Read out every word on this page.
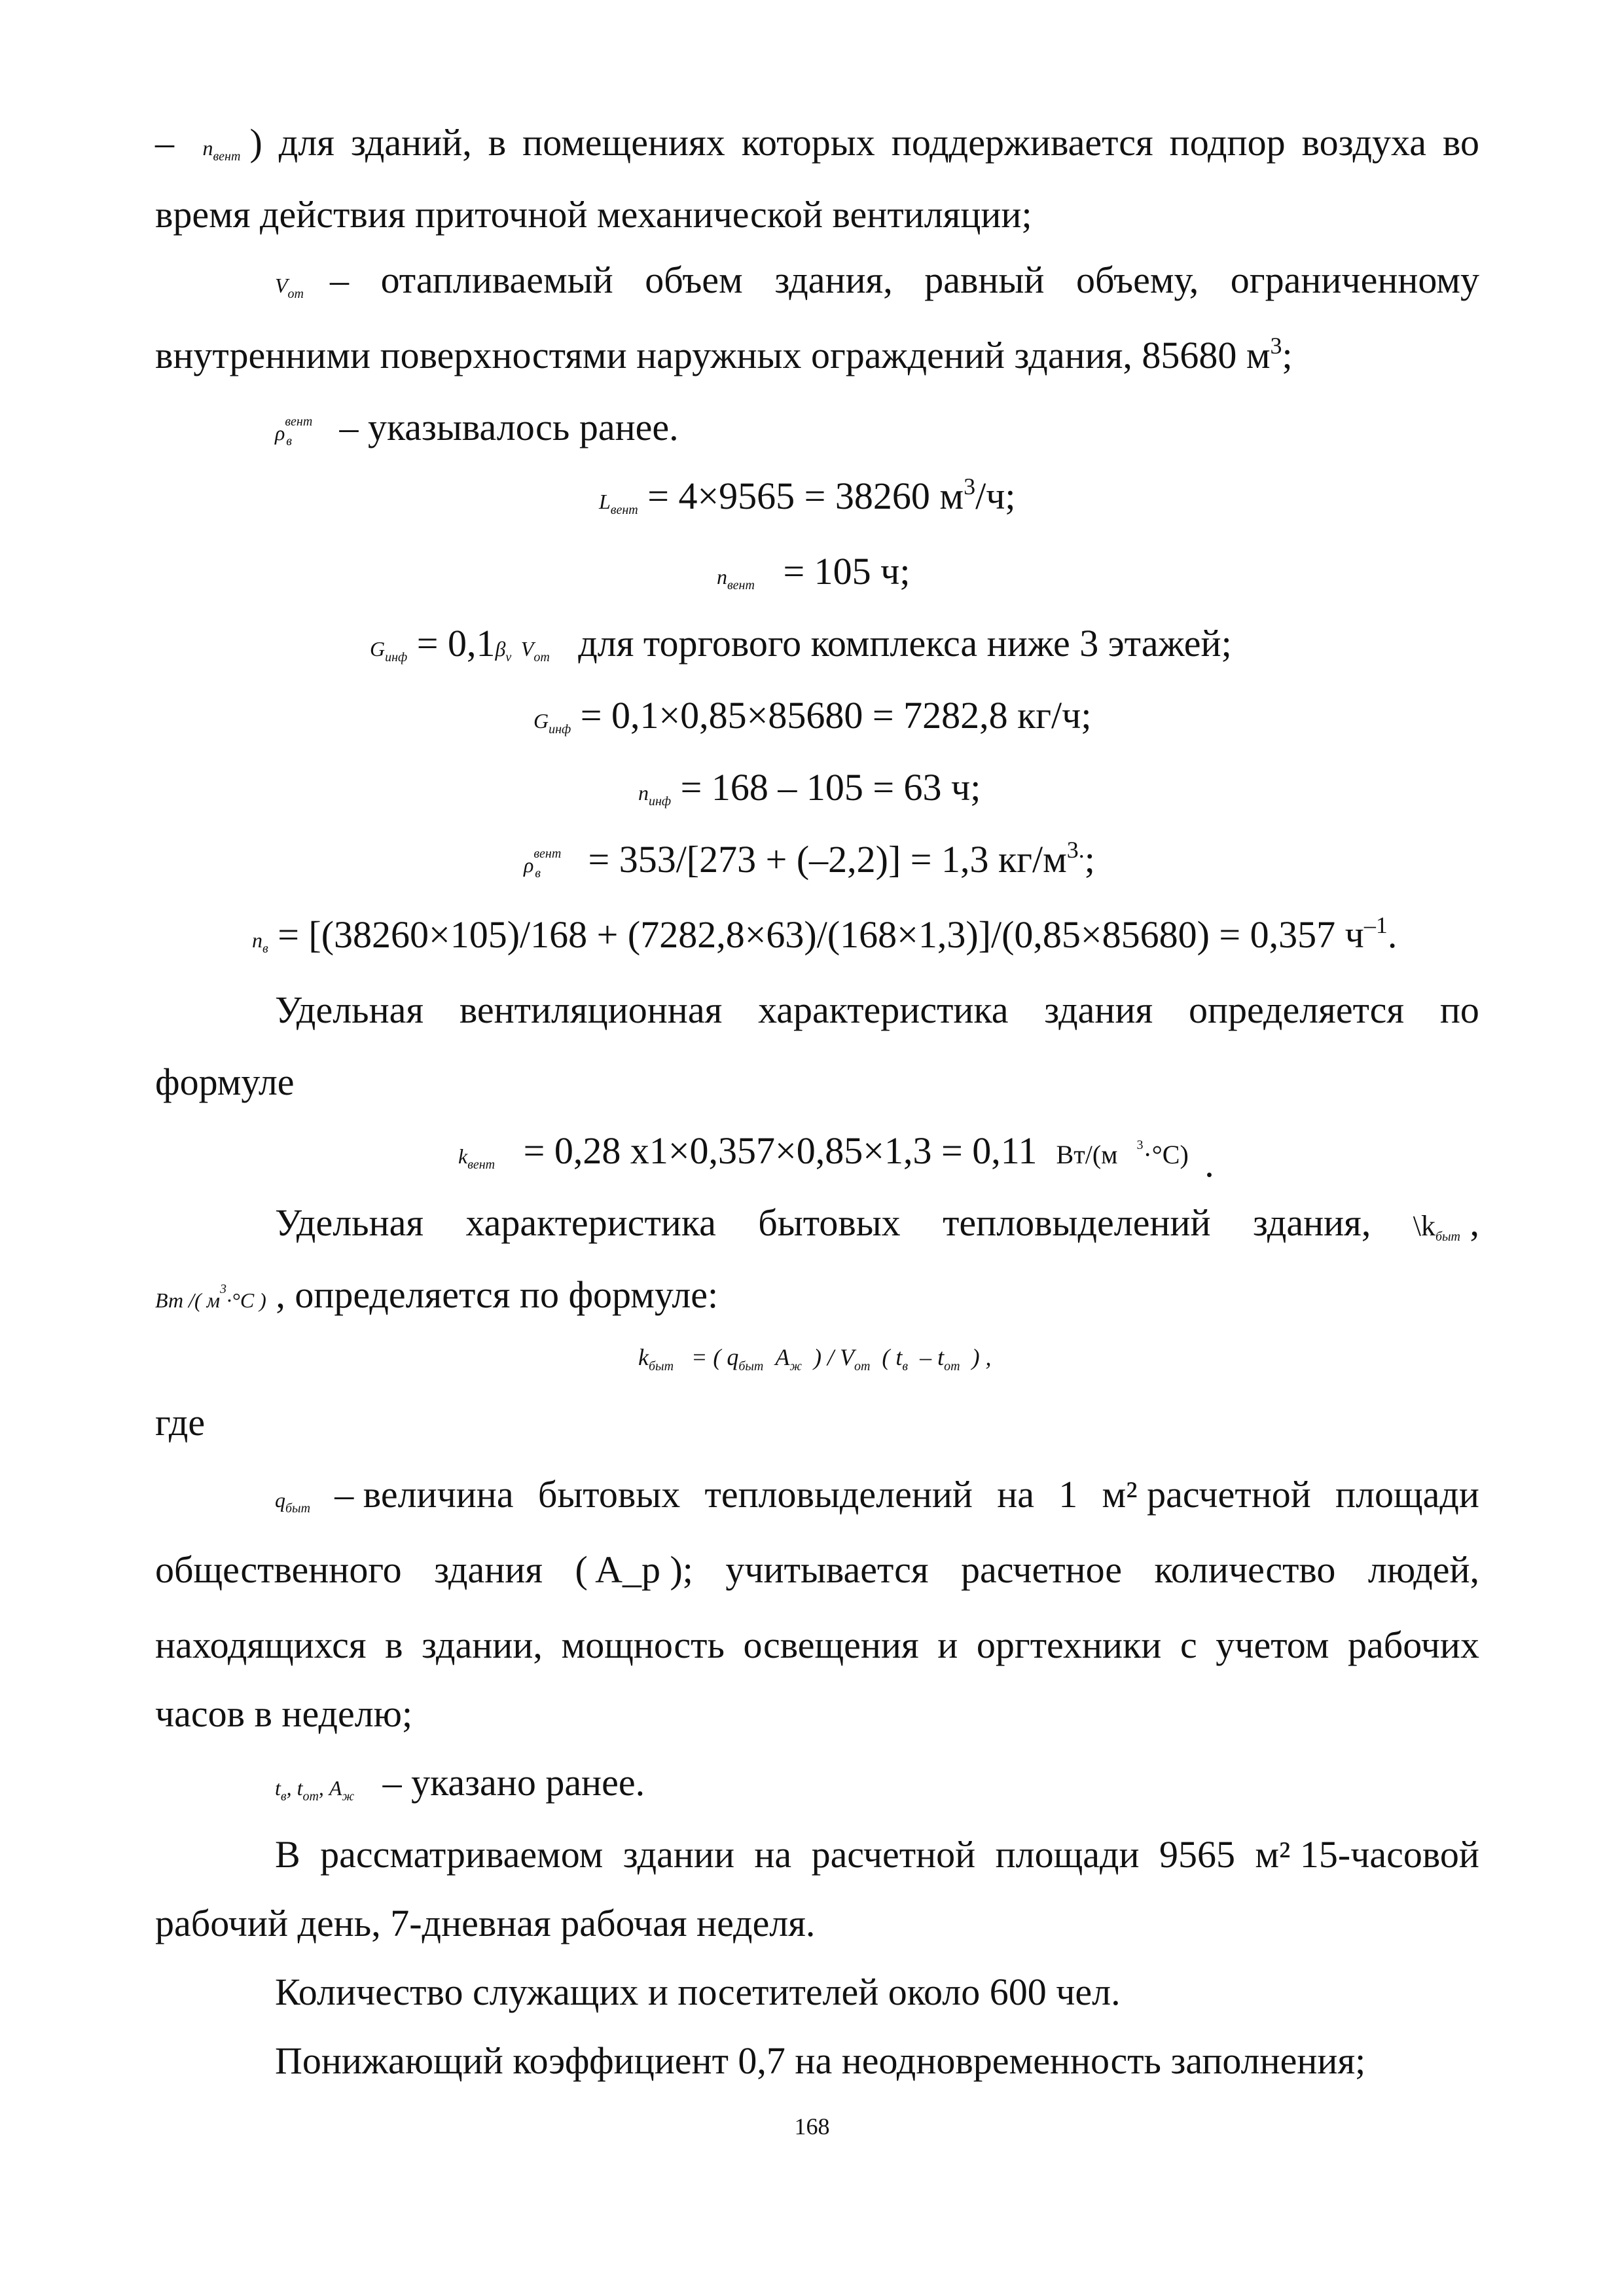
– $n_{вент}$ ) для зданий, в помещениях которых поддерживается подпор воздуха во
время действия приточной механической вентиляции;
$V_{от}$ – отапливаемый объем здания, равный объему, ограниченному
внутренними поверхностями наружных ограждений здания, 85680 $м^3$;
$\rho^{вент}_в$ – указывалось ранее.
$L_{вент} = 4\times 9565 = 38260$ $м^3/ч$;
$n_{вент} = 105$ ч;
$G_{инф} = 0,1\beta_v$ $V_{от}$ для торгового комплекса ниже 3 этажей;
$G_{инф} = 0,1\times 0,85\times 85680 = 7282,8$ кг/ч;
$n_{инф} = 168 - 105 = 63$ ч;
$\rho^{вент}_в = 353/[273 + (-2,2)] = 1,3$ $кг/м^{3.}$;
$n_в = [(38260\times 105)/168 + (7282,8\times 63)/(168\times 1,3)]/(0,85\times 85680) = 0,357$ $ч^{-1}$.
Удельная вентиляционная характеристика здания определяется по
формуле
$k_{вент} = 0,28$ х1×0,357×0,85×1,3 = 0,11 Вт/(м $^3$·°С) .
Удельная характеристика бытовых тепловыделений здания, $\backslash k_{быт}$ ,
Вт /( $м^3\cdot^\circ C$ ) , определяется по формуле:
$k_{быт}$ = ( $q_{быт}$ $A_ж$ ) / $V_{от}$ ( $t_в - t_{от}$ ) ,
где
$q_{быт}$ – величина бытовых тепловыделений на 1 м² расчетной площади
общественного здания ( A_р ); учитывается расчетное количество людей,
находящихся в здании, мощность освещения и оргтехники с учетом рабочих
часов в неделю;
$t_в$, $t_{от}$, $A_ж$ – указано ранее.
В рассматриваемом здании на расчетной площади 9565 м² 15-часовой
рабочий день, 7-дневная рабочая неделя.
Количество служащих и посетителей около 600 чел.
Понижающий коэффициент 0,7 на неодновременность заполнения;
168
